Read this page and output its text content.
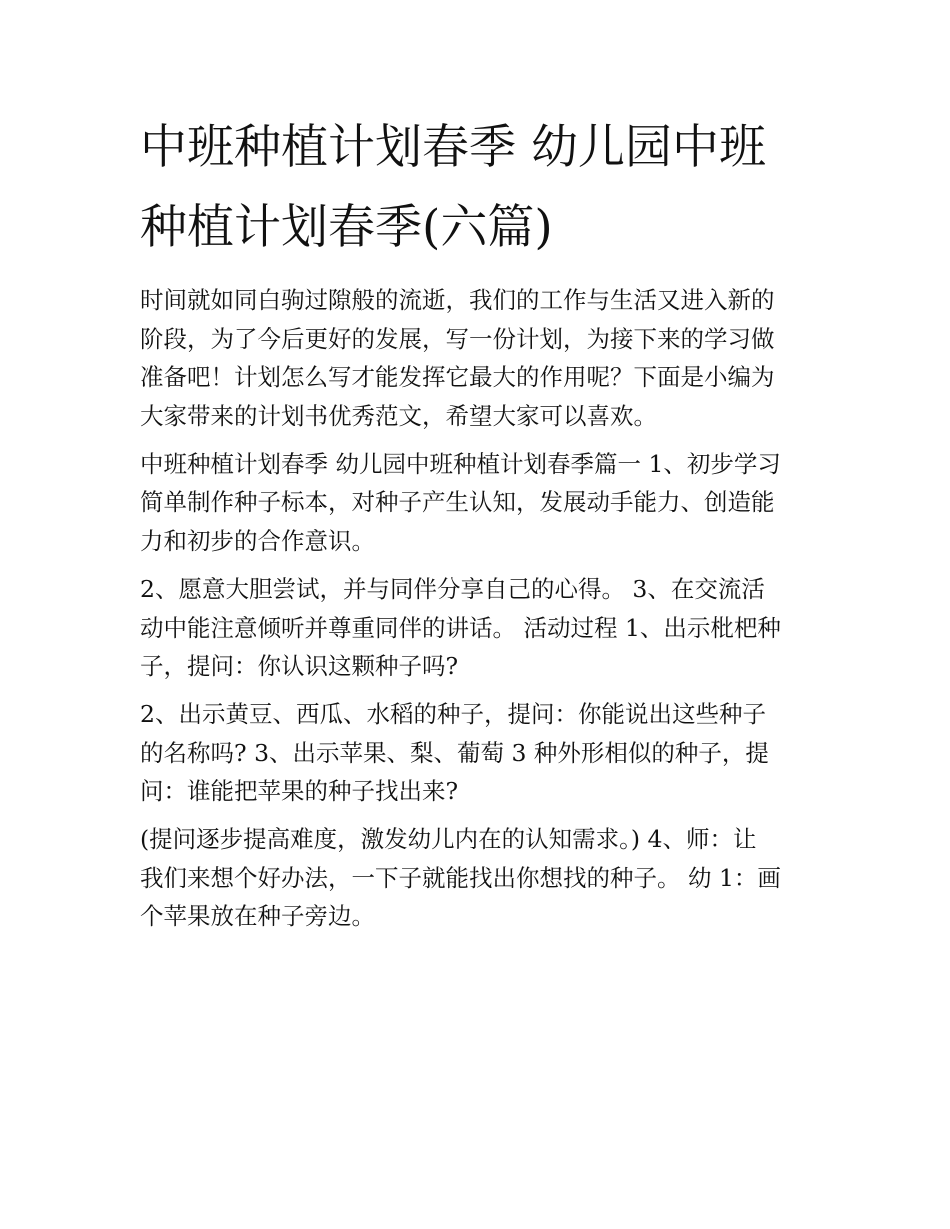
中班种植计划春季 幼儿园中班
种植计划春季(六篇)
时间就如同白驹过隙般的流逝，我们的工作与生活又进入新的
阶段，为了今后更好的发展，写一份计划，为接下来的学习做
准备吧！计划怎么写才能发挥它最大的作用呢？下面是小编为
大家带来的计划书优秀范文，希望大家可以喜欢。
中班种植计划春季 幼儿园中班种植计划春季篇一 1、初步学习
简单制作种子标本，对种子产生认知，发展动手能力、创造能
力和初步的合作意识。
2、愿意大胆尝试，并与同伴分享自己的心得。 3、在交流活
动中能注意倾听并尊重同伴的讲话。 活动过程 1、出示枇杷种
子，提问：你认识这颗种子吗?
2、出示黄豆、西瓜、水稻的种子，提问：你能说出这些种子
的名称吗? 3、出示苹果、梨、葡萄 3 种外形相似的种子，提
问：谁能把苹果的种子找出来?
(提问逐步提高难度，激发幼儿内在的认知需求。) 4、师：让
我们来想个好办法，一下子就能找出你想找的种子。 幼 1：画
个苹果放在种子旁边。
